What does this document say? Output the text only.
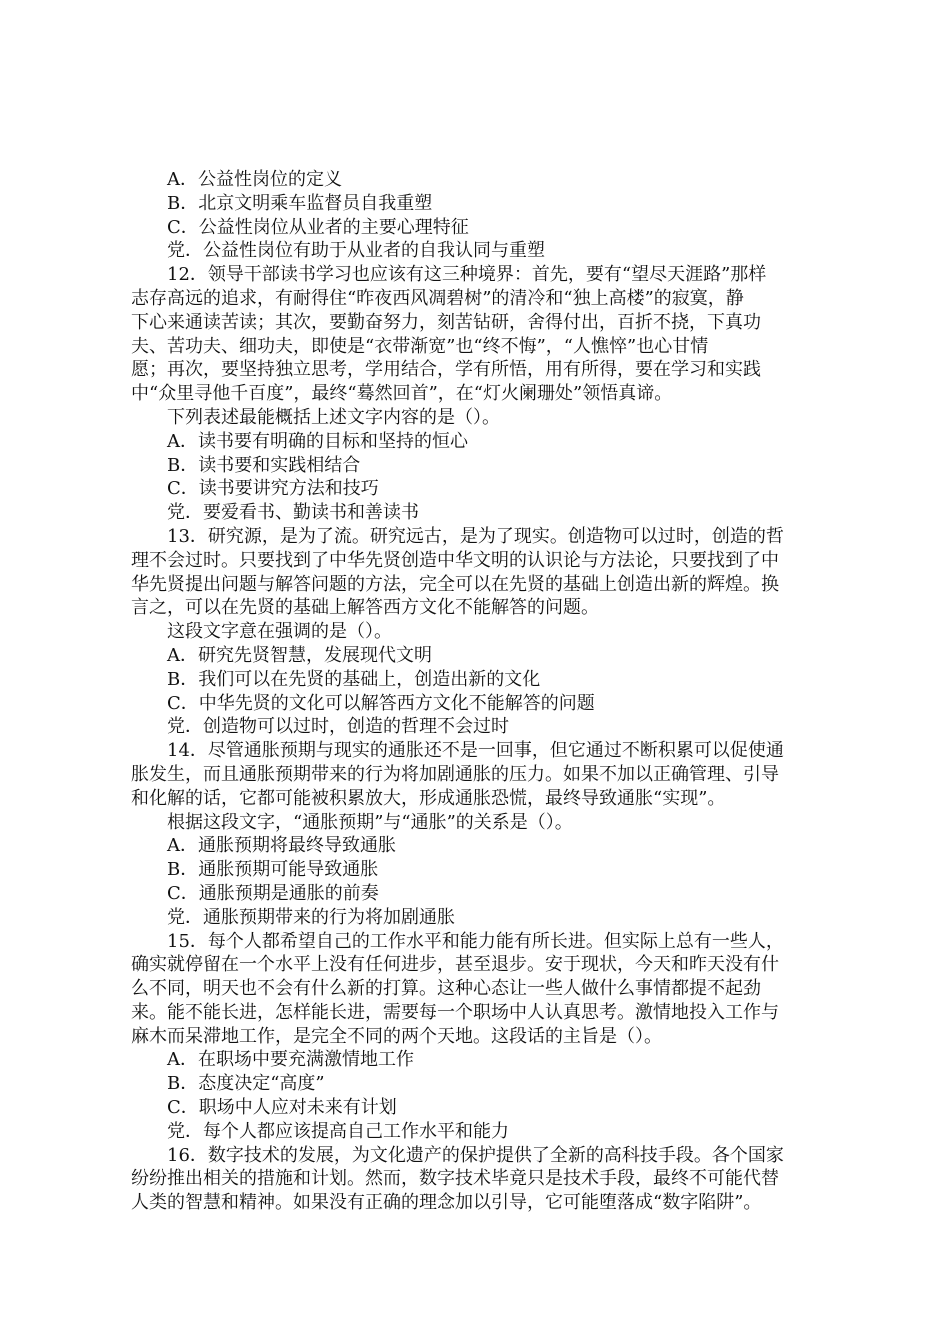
A．公益性岗位的定义
B．北京文明乘车监督员自我重塑
C．公益性岗位从业者的主要心理特征
党．公益性岗位有助于从业者的自我认同与重塑
12．领导干部读书学习也应该有这三种境界：首先，要有“望尽天涯路”那样
志存高远的追求，有耐得住“昨夜西风凋碧树”的清冷和“独上高楼”的寂寞，静
下心来通读苦读；其次，要勤奋努力，刻苦钻研，舍得付出，百折不挠，下真功
夫、苦功夫、细功夫，即使是“衣带渐宽”也“终不悔”，“人憔悴”也心甘情
愿；再次，要坚持独立思考，学用结合，学有所悟，用有所得，要在学习和实践
中“众里寻他千百度”，最终“蓦然回首”，在“灯火阑珊处”领悟真谛。
下列表述最能概括上述文字内容的是（）。
A．读书要有明确的目标和坚持的恒心
B．读书要和实践相结合
C．读书要讲究方法和技巧
党．要爱看书、勤读书和善读书
13．研究源，是为了流。研究远古，是为了现实。创造物可以过时，创造的哲
理不会过时。只要找到了中华先贤创造中华文明的认识论与方法论，只要找到了中
华先贤提出问题与解答问题的方法，完全可以在先贤的基础上创造出新的辉煌。换
言之，可以在先贤的基础上解答西方文化不能解答的问题。
这段文字意在强调的是（）。
A．研究先贤智慧，发展现代文明
B．我们可以在先贤的基础上，创造出新的文化
C．中华先贤的文化可以解答西方文化不能解答的问题
党．创造物可以过时，创造的哲理不会过时
14．尽管通胀预期与现实的通胀还不是一回事，但它通过不断积累可以促使通
胀发生，而且通胀预期带来的行为将加剧通胀的压力。如果不加以正确管理、引导
和化解的话，它都可能被积累放大，形成通胀恐慌，最终导致通胀“实现”。
根据这段文字，“通胀预期”与“通胀”的关系是（）。
A．通胀预期将最终导致通胀
B．通胀预期可能导致通胀
C．通胀预期是通胀的前奏
党．通胀预期带来的行为将加剧通胀
15．每个人都希望自己的工作水平和能力能有所长进。但实际上总有一些人，
确实就停留在一个水平上没有任何进步，甚至退步。安于现状，今天和昨天没有什
么不同，明天也不会有什么新的打算。这种心态让一些人做什么事情都提不起劲
来。能不能长进，怎样能长进，需要每一个职场中人认真思考。激情地投入工作与
麻木而呆滞地工作，是完全不同的两个天地。这段话的主旨是（）。
A．在职场中要充满激情地工作
B．态度决定“高度”
C．职场中人应对未来有计划
党．每个人都应该提高自己工作水平和能力
16．数字技术的发展，为文化遗产的保护提供了全新的高科技手段。各个国家
纷纷推出相关的措施和计划。然而，数字技术毕竟只是技术手段，最终不可能代替
人类的智慧和精神。如果没有正确的理念加以引导，它可能堕落成“数字陷阱”。
